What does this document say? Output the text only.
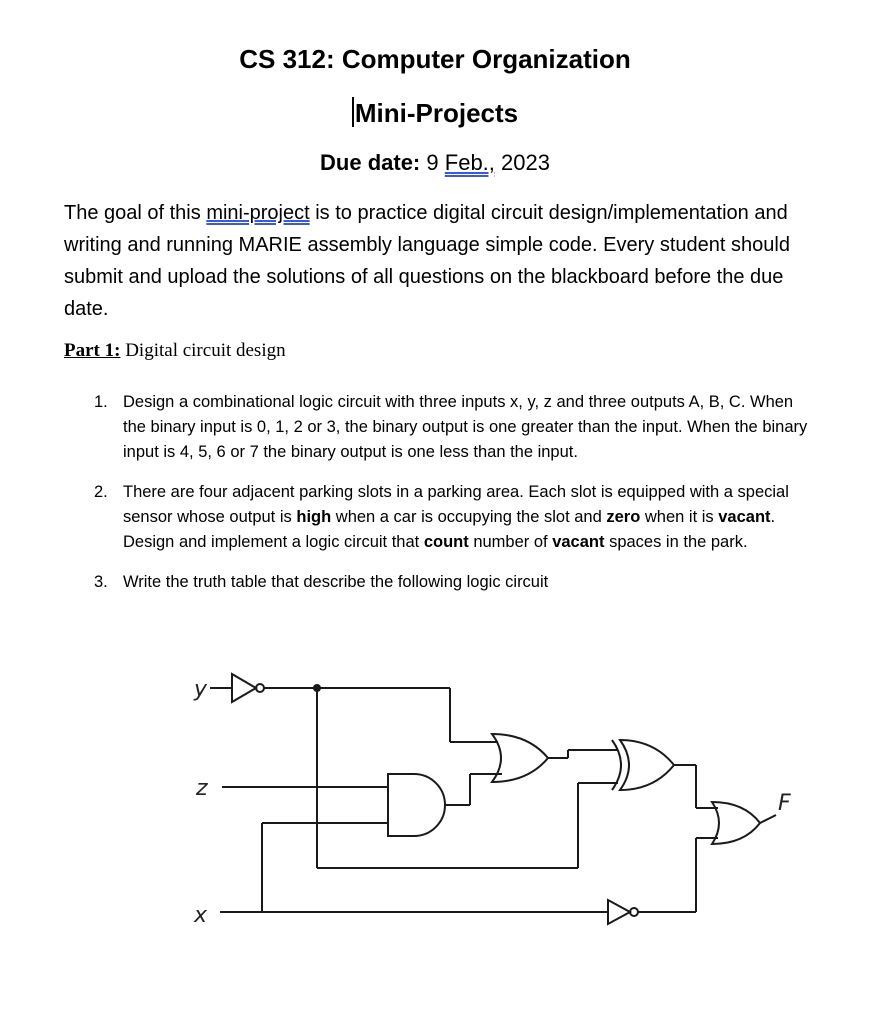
CS 312: Computer Organization
Mini-Projects
Due date: 9 Feb., 2023
The goal of this mini-project is to practice digital circuit design/implementation and writing and running MARIE assembly language simple code. Every student should submit and upload the solutions of all questions on the blackboard before the due date.
Part 1: Digital circuit design
1. Design a combinational logic circuit with three inputs x, y, z and three outputs A, B, C. When the binary input is 0, 1, 2 or 3, the binary output is one greater than the input. When the binary input is 4, 5, 6 or 7 the binary output is one less than the input.
2. There are four adjacent parking slots in a parking area. Each slot is equipped with a special sensor whose output is high when a car is occupying the slot and zero when it is vacant. Design and implement a logic circuit that count number of vacant spaces in the park.
3. Write the truth table that describe the following logic circuit
y
z
x
F
